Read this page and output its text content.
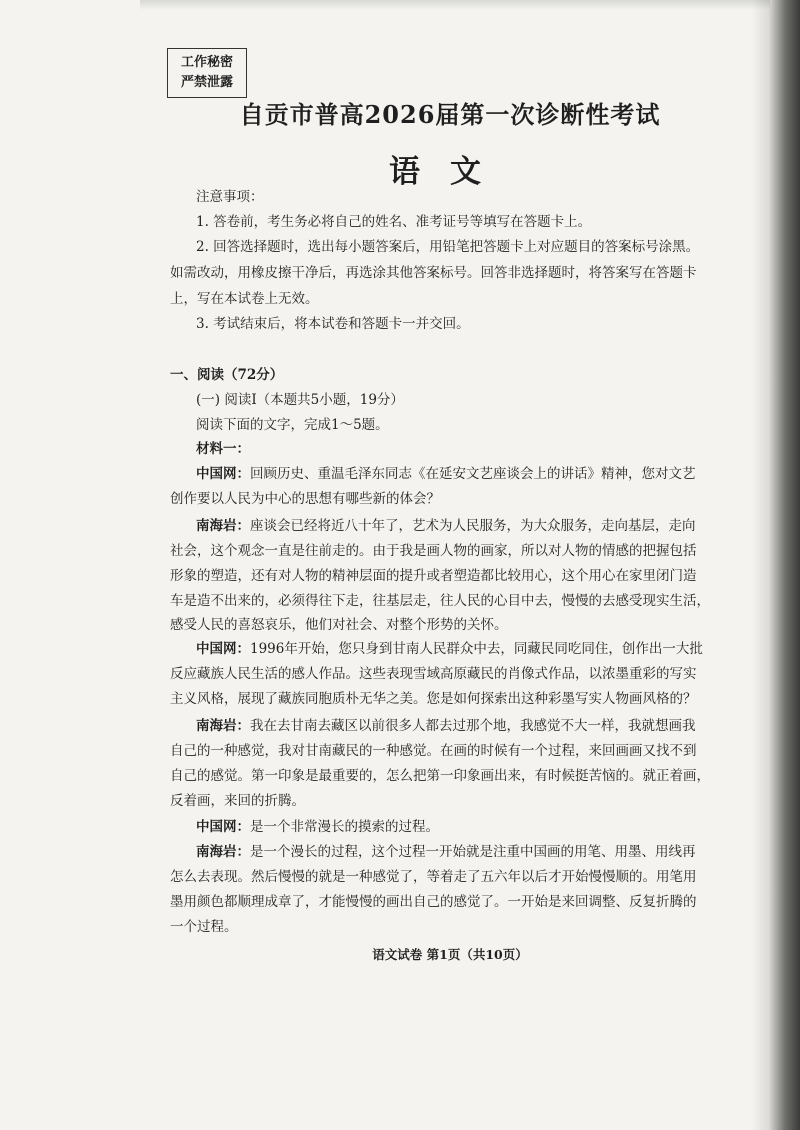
工作秘密
严禁泄露
自贡市普高2026届第一次诊断性考试
语文
注意事项：
1. 答卷前，考生务必将自己的姓名、准考证号等填写在答题卡上。
2. 回答选择题时，选出每小题答案后，用铅笔把答题卡上对应题目的答案标号涂黑。
如需改动，用橡皮擦干净后，再选涂其他答案标号。回答非选择题时，将答案写在答题卡
上，写在本试卷上无效。
3. 考试结束后，将本试卷和答题卡一并交回。
一、阅读（72分）
(一) 阅读Ⅰ（本题共5小题，19分）
阅读下面的文字，完成1～5题。
材料一：
中国网：回顾历史、重温毛泽东同志《在延安文艺座谈会上的讲话》精神，您对文艺
创作要以人民为中心的思想有哪些新的体会？
南海岩：座谈会已经将近八十年了，艺术为人民服务，为大众服务，走向基层，走向
社会，这个观念一直是往前走的。由于我是画人物的画家，所以对人物的情感的把握包括
形象的塑造，还有对人物的精神层面的提升或者塑造都比较用心，这个用心在家里闭门造
车是造不出来的，必须得往下走，往基层走，往人民的心目中去，慢慢的去感受现实生活，
感受人民的喜怒哀乐，他们对社会、对整个形势的关怀。
中国网：1996年开始，您只身到甘南人民群众中去，同藏民同吃同住，创作出一大批
反应藏族人民生活的感人作品。这些表现雪域高原藏民的肖像式作品，以浓墨重彩的写实
主义风格，展现了藏族同胞质朴无华之美。您是如何探索出这种彩墨写实人物画风格的？
南海岩：我在去甘南去藏区以前很多人都去过那个地，我感觉不大一样，我就想画我
自己的一种感觉，我对甘南藏民的一种感觉。在画的时候有一个过程，来回画画又找不到
自己的感觉。第一印象是最重要的，怎么把第一印象画出来，有时候挺苦恼的。就正着画，
反着画，来回的折腾。
中国网：是一个非常漫长的摸索的过程。
南海岩：是一个漫长的过程，这个过程一开始就是注重中国画的用笔、用墨、用线再
怎么去表现。然后慢慢的就是一种感觉了，等着走了五六年以后才开始慢慢顺的。用笔用
墨用颜色都顺理成章了，才能慢慢的画出自己的感觉了。一开始是来回调整、反复折腾的
一个过程。
语文试卷 第1页（共10页）
